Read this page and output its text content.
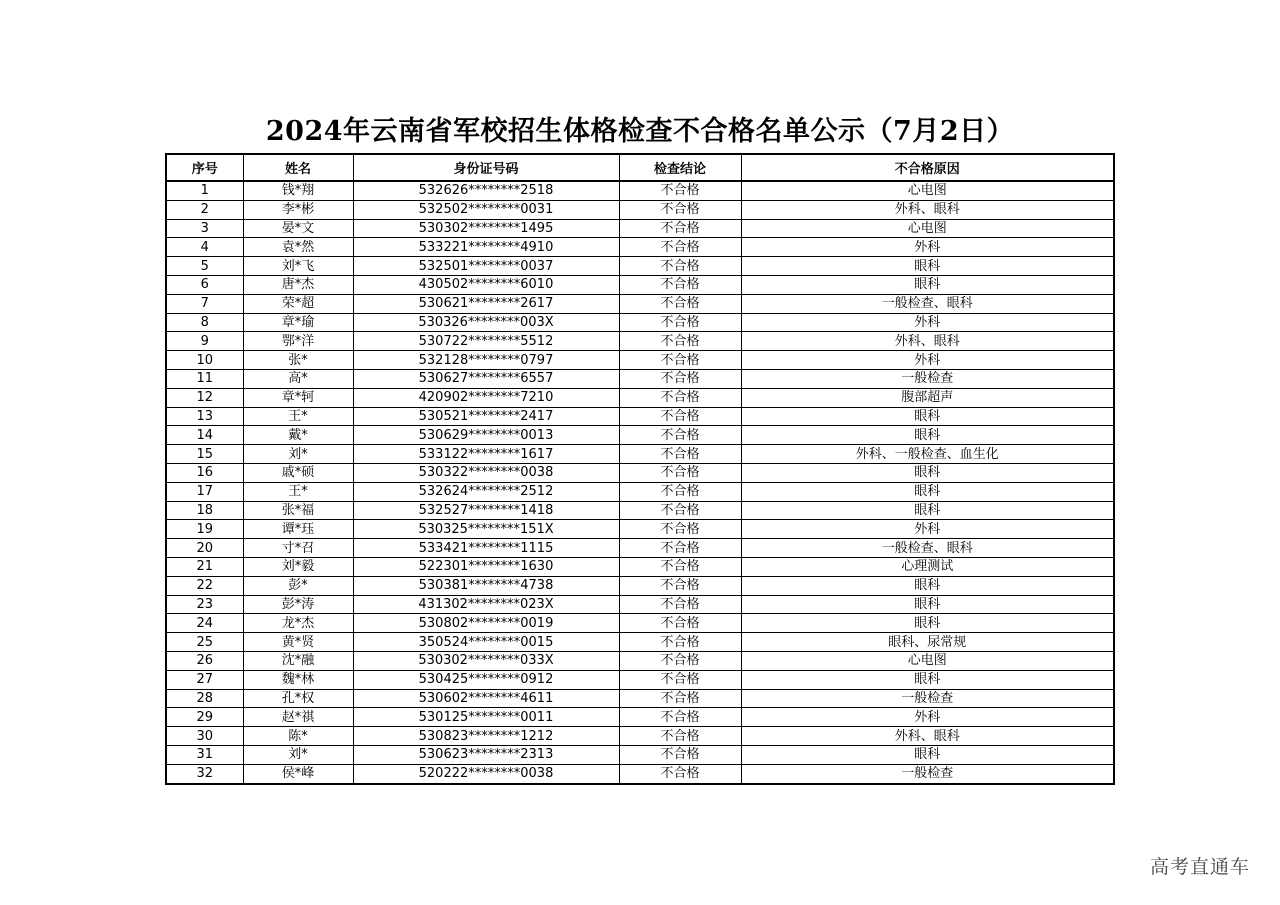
2024年云南省军校招生体格检查不合格名单公示（7月2日）
序号	姓名	身份证号码	检查结论	不合格原因
1	钱*翔	532626********2518	不合格	心电图
2	李*彬	532502********0031	不合格	外科、眼科
3	晏*文	530302********1495	不合格	心电图
4	袁*然	533221********4910	不合格	外科
5	刘*飞	532501********0037	不合格	眼科
6	唐*杰	430502********6010	不合格	眼科
7	荣*超	530621********2617	不合格	一般检查、眼科
8	章*瑜	530326********003X	不合格	外科
9	鄂*洋	530722********5512	不合格	外科、眼科
10	张*	532128********0797	不合格	外科
11	高*	530627********6557	不合格	一般检查
12	章*轲	420902********7210	不合格	腹部超声
13	王*	530521********2417	不合格	眼科
14	戴*	530629********0013	不合格	眼科
15	刘*	533122********1617	不合格	外科、一般检查、血生化
16	戚*硕	530322********0038	不合格	眼科
17	王*	532624********2512	不合格	眼科
18	张*福	532527********1418	不合格	眼科
19	谭*珏	530325********151X	不合格	外科
20	寸*召	533421********1115	不合格	一般检查、眼科
21	刘*毅	522301********1630	不合格	心理测试
22	彭*	530381********4738	不合格	眼科
23	彭*涛	431302********023X	不合格	眼科
24	龙*杰	530802********0019	不合格	眼科
25	黄*贤	350524********0015	不合格	眼科、尿常规
26	沈*融	530302********033X	不合格	心电图
27	魏*林	530425********0912	不合格	眼科
28	孔*权	530602********4611	不合格	一般检查
29	赵*祺	530125********0011	不合格	外科
30	陈*	530823********1212	不合格	外科、眼科
31	刘*	530623********2313	不合格	眼科
32	侯*峰	520222********0038	不合格	一般检查
高考直通车
